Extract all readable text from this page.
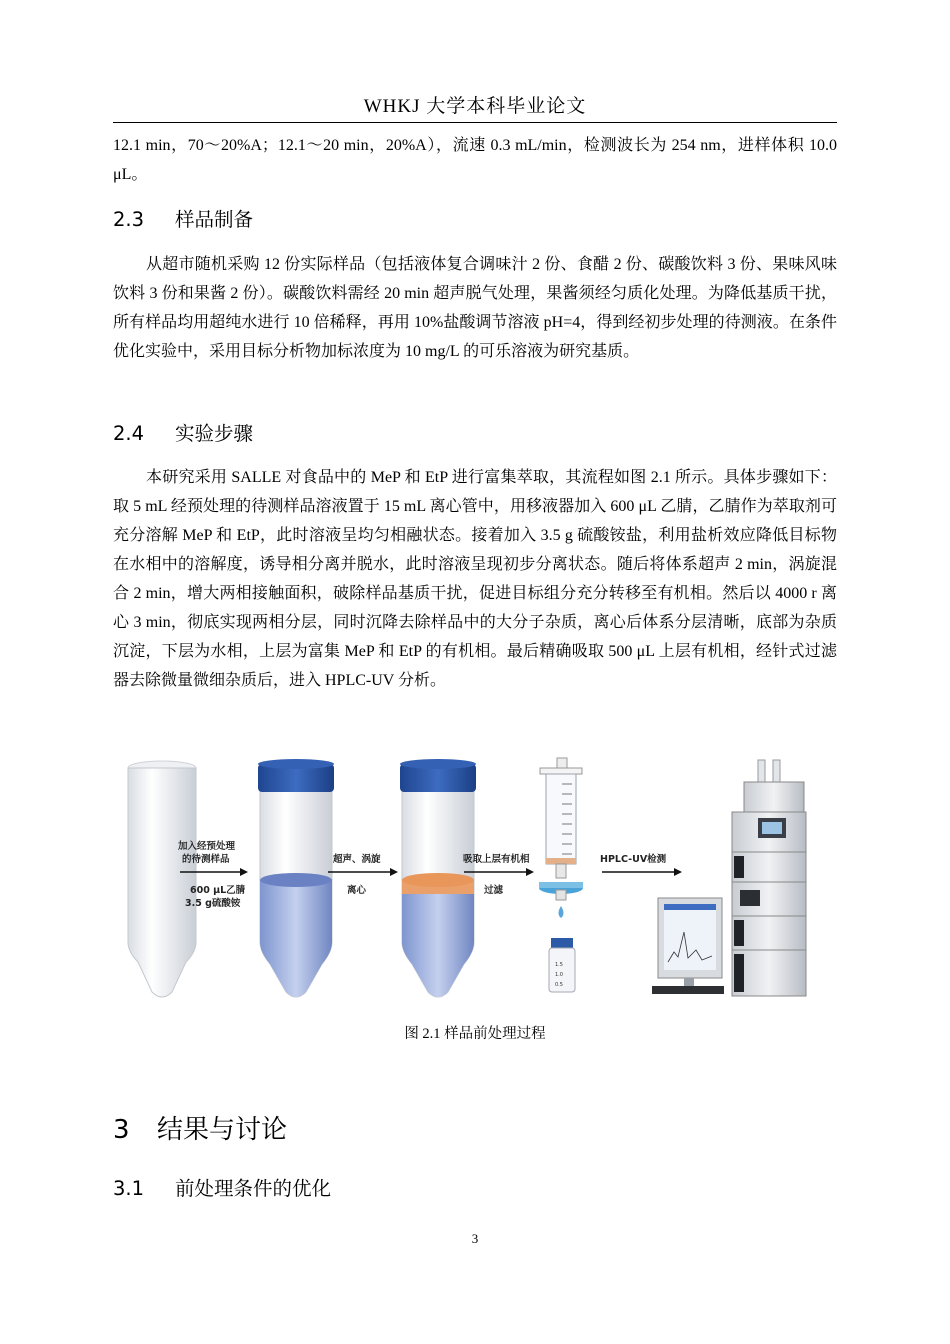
WHKJ 大学本科毕业论文

12.1 min，70～20%A；12.1～20 min，20%A），流速 0.3 mL/min，检测波长为 254 nm，进样体积 10.0 μL。

2.3 样品制备

从超市随机采购 12 份实际样品（包括液体复合调味汁 2 份、食醋 2 份、碳酸饮料 3 份、果味风味饮料 3 份和果酱 2 份）。碳酸饮料需经 20 min 超声脱气处理，果酱须经匀质化处理。为降低基质干扰，所有样品均用超纯水进行 10 倍稀释，再用 10%盐酸调节溶液 pH=4，得到经初步处理的待测液。在条件优化实验中，采用目标分析物加标浓度为 10 mg/L 的可乐溶液为研究基质。

2.4 实验步骤

本研究采用 SALLE 对食品中的 MeP 和 EtP 进行富集萃取，其流程如图 2.1 所示。具体步骤如下：取 5 mL 经预处理的待测样品溶液置于 15 mL 离心管中，用移液器加入 600 μL 乙腈，乙腈作为萃取剂可充分溶解 MeP 和 EtP，此时溶液呈均匀相融状态。接着加入 3.5 g 硫酸铵盐，利用盐析效应降低目标物在水相中的溶解度，诱导相分离并脱水，此时溶液呈现初步分离状态。随后将体系超声 2 min，涡旋混合 2 min，增大两相接触面积，破除样品基质干扰，促进目标组分充分转移至有机相。然后以 4000 r 离心 3 min，彻底实现两相分层，同时沉降去除样品中的大分子杂质，离心后体系分层清晰，底部为杂质沉淀，下层为水相，上层为富集 MeP 和 EtP 的有机相。最后精确吸取 500 μL 上层有机相，经针式过滤器去除微量微细杂质后，进入 HPLC-UV 分析。

加入经预处理
的待测样品
600 μL乙腈
3.5 g硫酸铵
超声、涡旋
离心
吸取上层有机相
过滤
1.5
1.0
0.5
HPLC-UV检测
图 2.1 样品前处理过程
3 结果与讨论
3.1 前处理条件的优化
3
